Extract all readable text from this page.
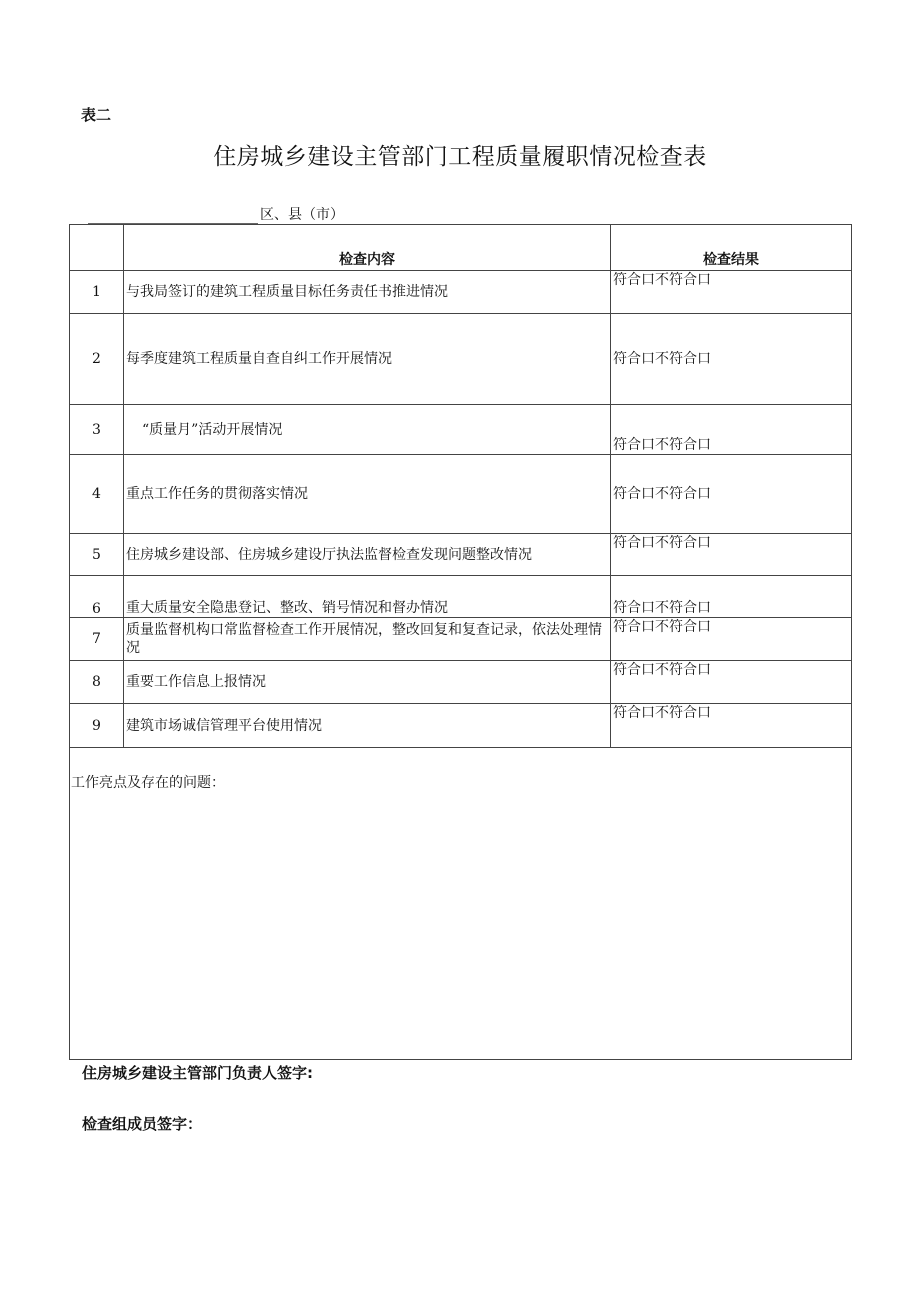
表二
住房城乡建设主管部门工程质量履职情况检查表
区、县（市）
	检查内容	检查结果
1	与我局签订的建筑工程质量目标任务责任书推进情况	符合口不符合口
2	每季度建筑工程质量自查自纠工作开展情况	符合口不符合口
3	“质量月”活动开展情况	符合口不符合口
4	重点工作任务的贯彻落实情况	符合口不符合口
5	住房城乡建设部、住房城乡建设厅执法监督检查发现问题整改情况	符合口不符合口
6	重大质量安全隐患登记、整改、销号情况和督办情况	符合口不符合口
7	质量监督机构口常监督检查工作开展情况，整改回复和复查记录，依法处理情况	符合口不符合口
8	重要工作信息上报情况	符合口不符合口
9	建筑市场诚信管理平台使用情况	符合口不符合口
工作亮点及存在的问题：		
住房城乡建设主管部门负责人签字:
检查组成员签字：
